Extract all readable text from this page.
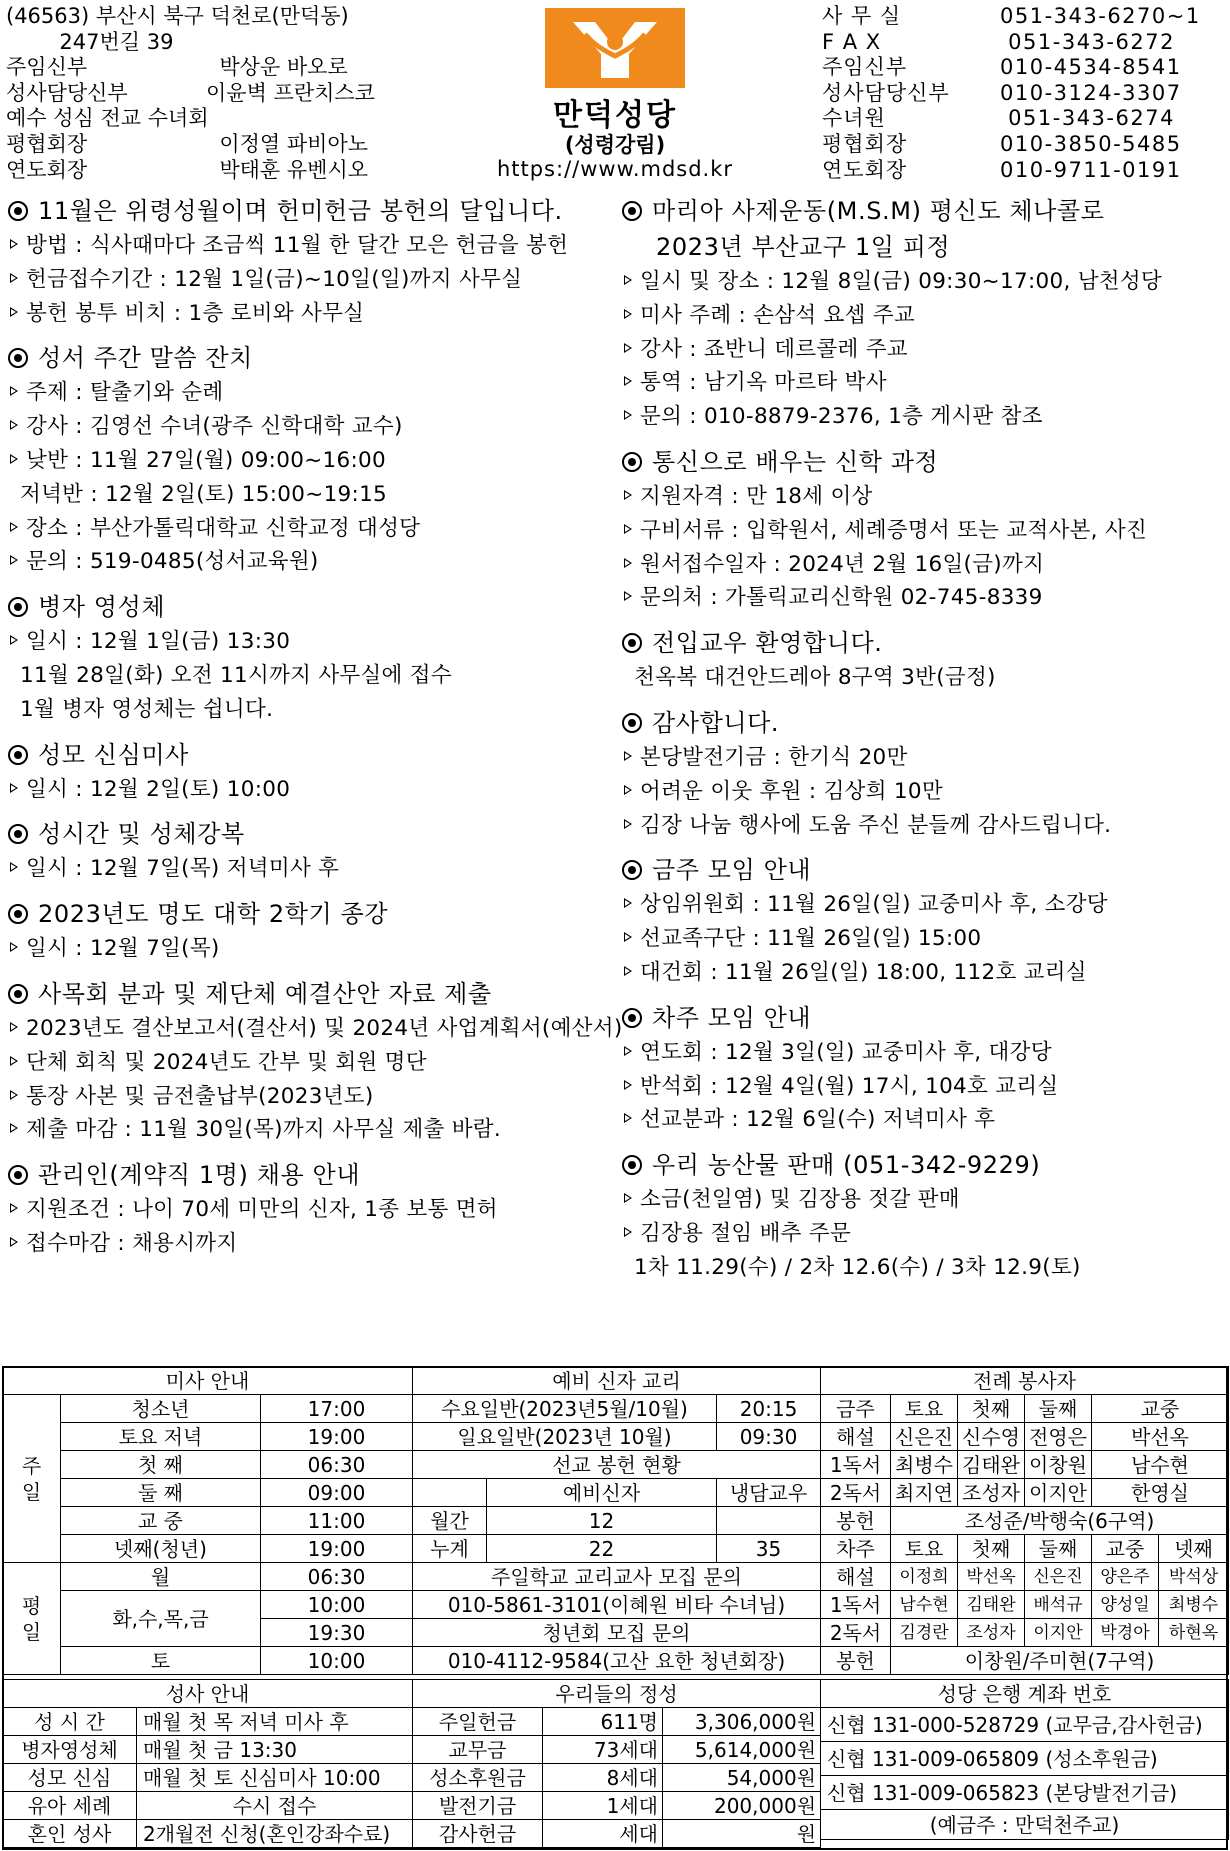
(46563) 부산시 북구 덕천로(만덕동)
247번길 39
주임신부	박상운 바오로
성사담당신부	이윤벽 프란치스코
예수 성심 전교 수녀회
평협회장	이정열 파비아노
연도회장	박태훈 유벤시오
만덕성당
(성령강림)
https://www.mdsd.kr
사 무 실	051-343-6270~1
F A X	051-343-6272
주임신부	010-4534-8541
성사담당신부	010-3124-3307
수녀원	051-343-6274
평협회장	010-3850-5485
연도회장	010-9711-0191
11월은 위령성월이며 헌미헌금 봉헌의 달입니다.
방법 : 식사때마다 조금씩 11월 한 달간 모은 헌금을 봉헌
헌금접수기간 : 12월 1일(금)~10일(일)까지 사무실
봉헌 봉투 비치 : 1층 로비와 사무실
성서 주간 말씀 잔치
주제 : 탈출기와 순례
강사 : 김영선 수녀(광주 신학대학 교수)
낮반 : 11월 27일(월) 09:00~16:00
저녁반 : 12월 2일(토) 15:00~19:15
장소 : 부산가톨릭대학교 신학교정 대성당
문의 : 519-0485(성서교육원)
병자 영성체
일시 : 12월 1일(금) 13:30
11월 28일(화) 오전 11시까지 사무실에 접수
1월 병자 영성체는 쉽니다.
성모 신심미사
일시 : 12월 2일(토) 10:00
성시간 및 성체강복
일시 : 12월 7일(목) 저녁미사 후
2023년도 명도 대학 2학기 종강
일시 : 12월 7일(목)
사목회 분과 및 제단체 예결산안 자료 제출
2023년도 결산보고서(결산서) 및 2024년 사업계획서(예산서)
단체 회칙 및 2024년도 간부 및 회원 명단
통장 사본 및 금전출납부(2023년도)
제출 마감 : 11월 30일(목)까지 사무실 제출 바람.
관리인(계약직 1명) 채용 안내
지원조건 : 나이 70세 미만의 신자, 1종 보통 면허
접수마감 : 채용시까지
마리아 사제운동(M.S.M) 평신도 체나콜로
2023년 부산교구 1일 피정
일시 및 장소 : 12월 8일(금) 09:30~17:00, 남천성당
미사 주례 : 손삼석 요셉 주교
강사 : 죠반니 데르콜레 주교
통역 : 남기옥 마르타 박사
문의 : 010-8879-2376, 1층 게시판 참조
통신으로 배우는 신학 과정
지원자격 : 만 18세 이상
구비서류 : 입학원서, 세례증명서 또는 교적사본, 사진
원서접수일자 : 2024년 2월 16일(금)까지
문의처 : 가톨릭교리신학원 02-745-8339
전입교우 환영합니다.
천옥복 대건안드레아 8구역 3반(금정)
감사합니다.
본당발전기금 : 한기식 20만
어려운 이웃 후원 : 김상희 10만
김장 나눔 행사에 도움 주신 분들께 감사드립니다.
금주 모임 안내
상임위원회 : 11월 26일(일) 교중미사 후, 소강당
선교족구단 : 11월 26일(일) 15:00
대건회 : 11월 26일(일) 18:00, 112호 교리실
차주 모임 안내
연도회 : 12월 3일(일) 교중미사 후, 대강당
반석회 : 12월 4일(월) 17시, 104호 교리실
선교분과 : 12월 6일(수) 저녁미사 후
우리 농산물 판매 (051-342-9229)
소금(천일염) 및 김장용 젓갈 판매
김장용 절임 배추 주문
1차 11.29(수) / 2차 12.6(수) / 3차 12.9(토)
미사 안내		
주
일	청소년	17:00
	토요 저녁	19:00
	첫 째	06:30
	둘 째	09:00
	교 중	11:00
	넷째(청년)	19:00
평
일	월	06:30
	화,수,목,금	10:00
		19:30
	토	10:00
예비 신자 교리		
수요일반(2023년5월/10월)		20:15
일요일반(2023년 10월)		09:30
선교 봉헌 현황		
	예비신자	냉담교우
월간	12	
누계	22	35
주일학교 교리교사 모집 문의		
010-5861-3101(이혜원 비타 수녀님)		
청년회 모집 문의		
010-4112-9584(고산 요한 청년회장)		
전례 봉사자					
금주	토요	첫째	둘째	교중	
해설	신은진	신수영	전영은	박선옥	
1독서	최병수	김태완	이창원	남수현	
2독서	최지연	조성자	이지안	한영실	
봉헌	조성준/박행숙(6구역)				
차주	토요	첫째	둘째	교중	넷째
해설	이정희	박선옥	신은진	양은주	박석상
1독서	남수현	김태완	배석규	양성일	최병수
2독서	김경란	조성자	이지안	박경아	하현옥
봉헌	이창원/주미현(7구역)				
성사 안내	
성 시 간	매월 첫 목 저녁 미사 후
병자영성체	매월 첫 금 13:30
성모 신심	매월 첫 토 신심미사 10:00
유아 세례	수시 접수
혼인 성사	2개월전 신청(혼인강좌수료)
우리들의 정성		
주일헌금	611명	3,306,000원
교무금	73세대	5,614,000원
성소후원금	8세대	54,000원
발전기금	1세대	200,000원
감사헌금	세대	원
성당 은행 계좌 번호
신협 131-000-528729 (교무금,감사헌금)
신협 131-009-065809 (성소후원금)
신협 131-009-065823 (본당발전기금)
(예금주 : 만덕천주교)
